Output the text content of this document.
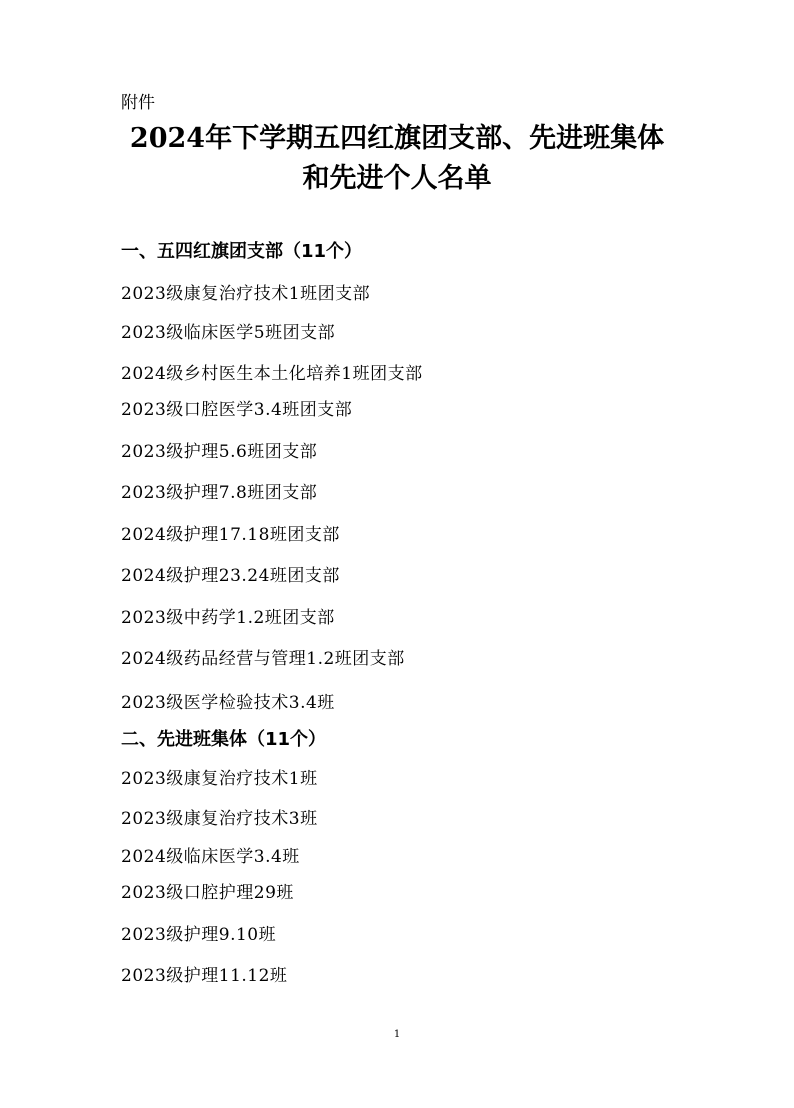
附件
2024年下学期五四红旗团支部、先进班集体
和先进个人名单
一、五四红旗团支部（11个）
2023级康复治疗技术1班团支部
2023级临床医学5班团支部
2024级乡村医生本土化培养1班团支部
2023级口腔医学3.4班团支部
2023级护理5.6班团支部
2023级护理7.8班团支部
2024级护理17.18班团支部
2024级护理23.24班团支部
2023级中药学1.2班团支部
2024级药品经营与管理1.2班团支部
2023级医学检验技术3.4班
二、先进班集体（11个）
2023级康复治疗技术1班
2023级康复治疗技术3班
2024级临床医学3.4班
2023级口腔护理29班
2023级护理9.10班
2023级护理11.12班
1
